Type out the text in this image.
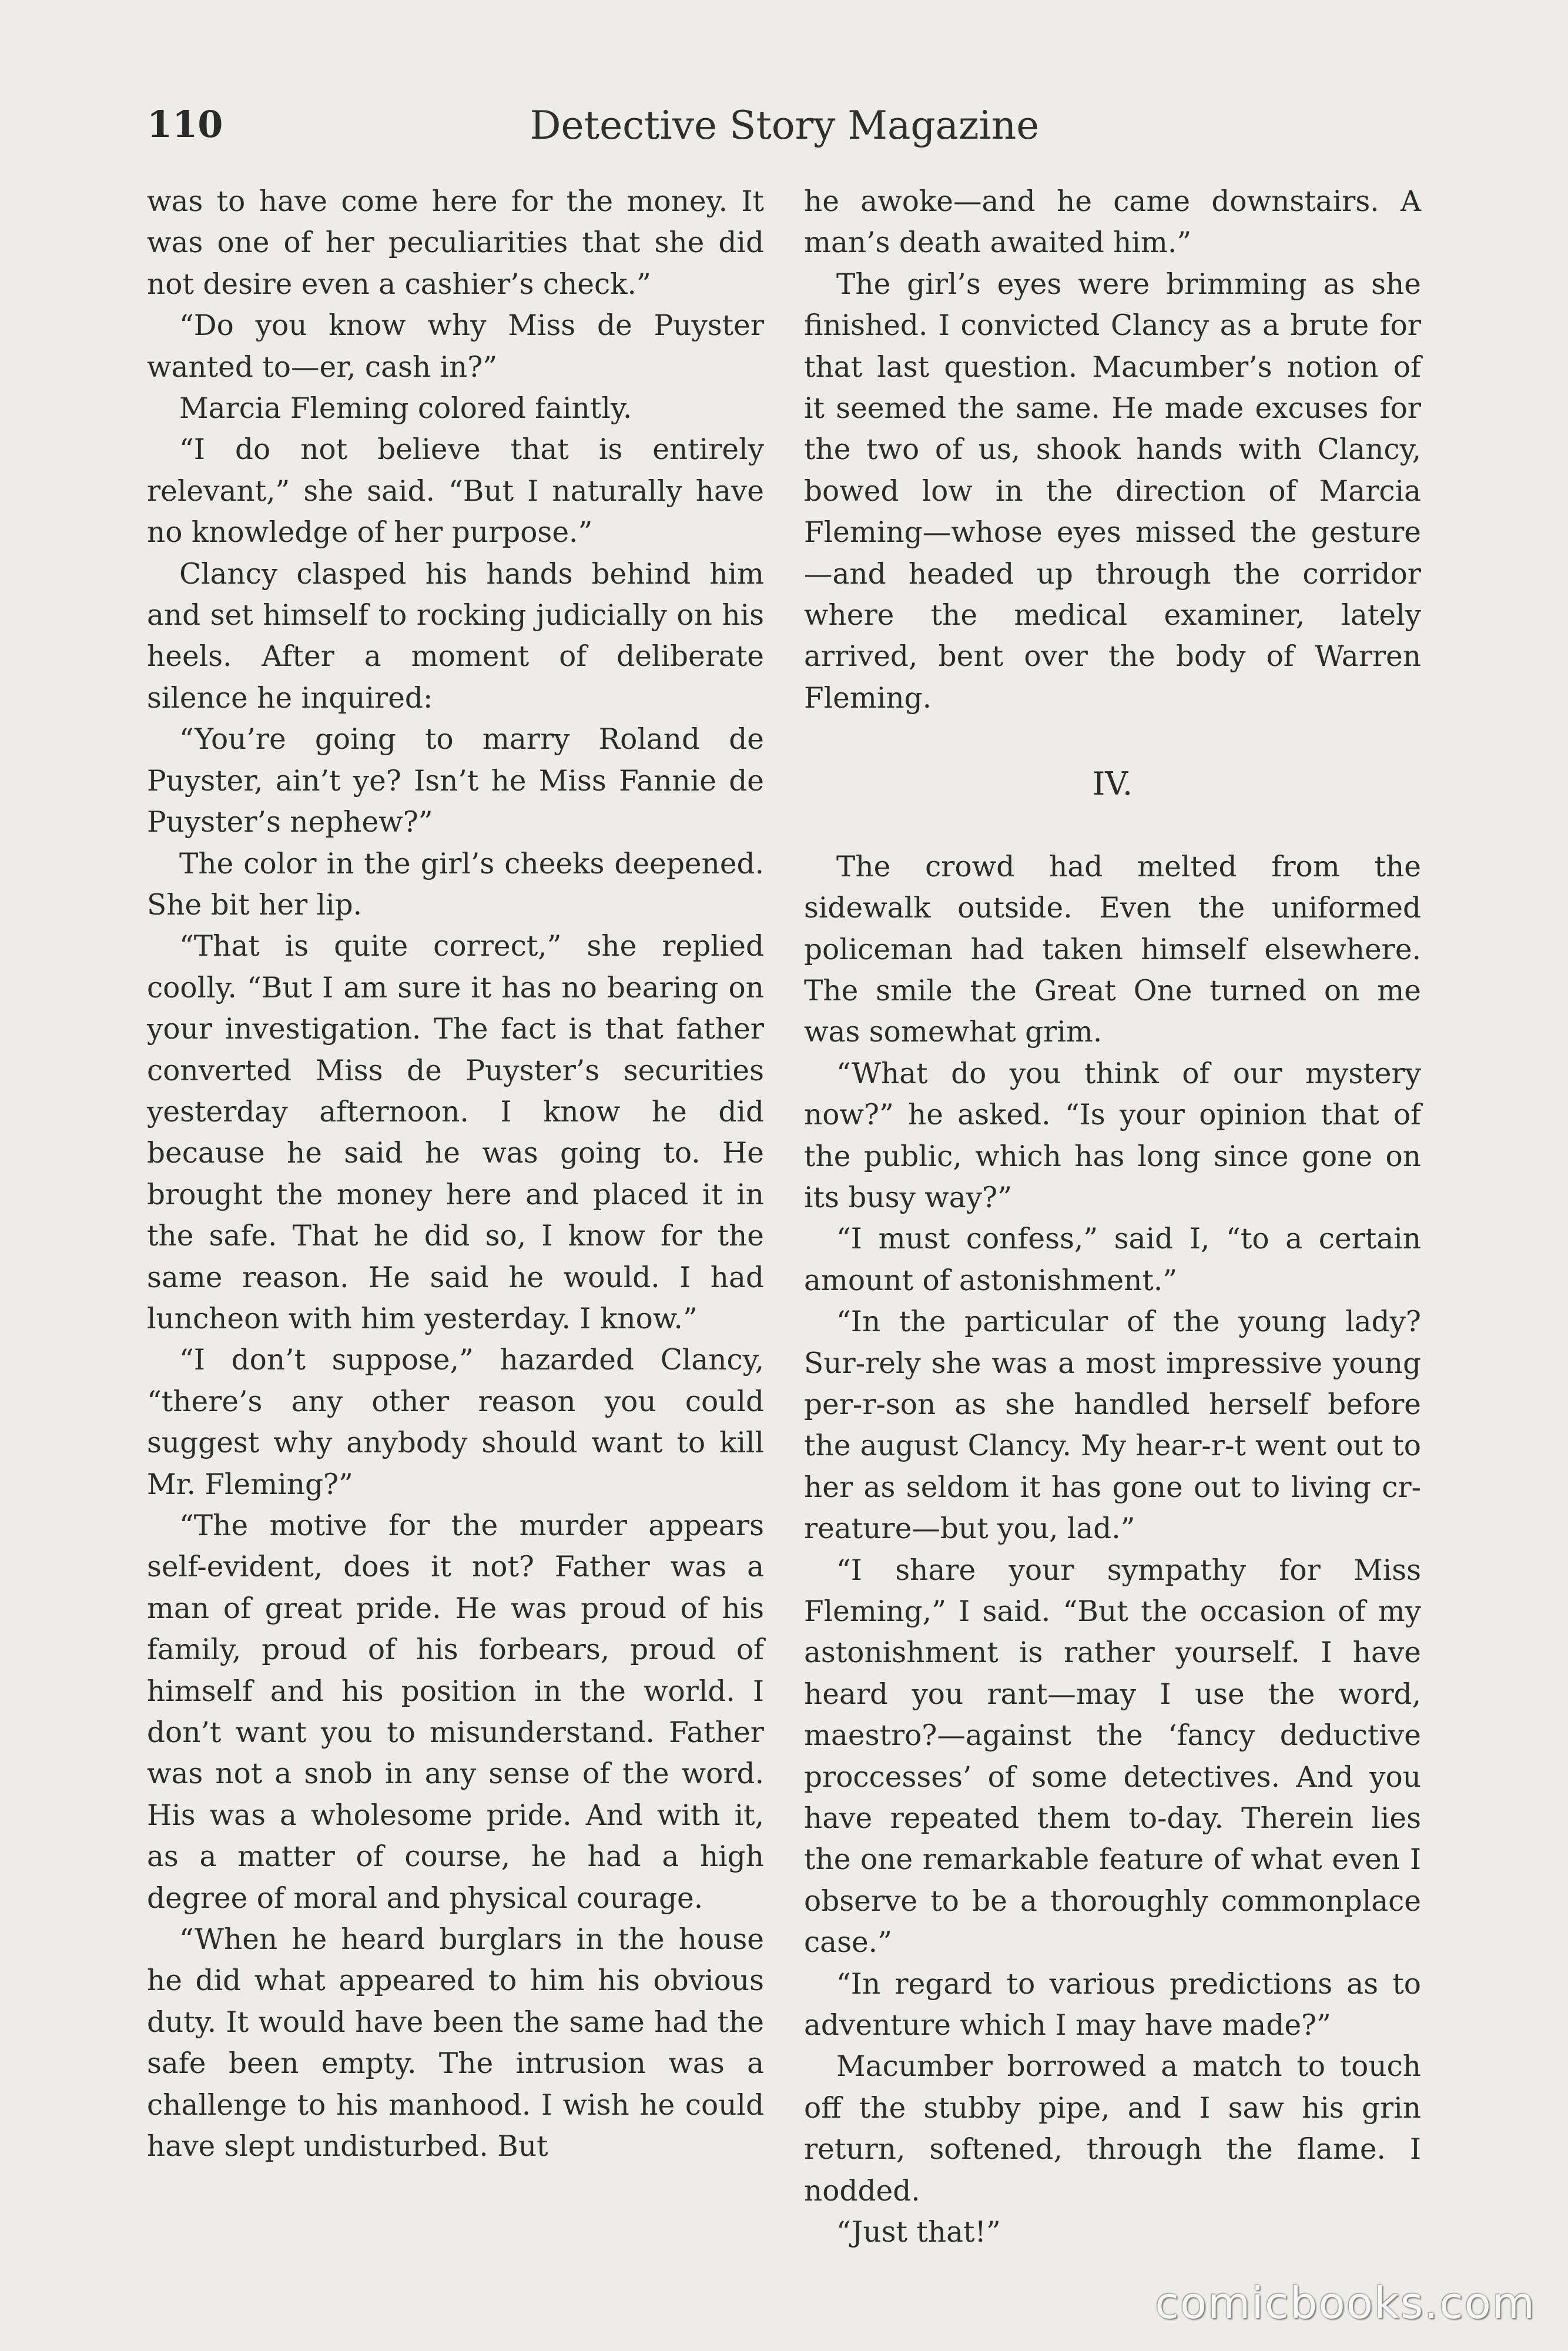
110	Detective Story Magazine

was to have come here for the money. It was one of her peculiarities that she did not desire even a cashier’s check.”

“Do you know why Miss de Puyster wanted to—er, cash in?”

Marcia Fleming colored faintly.

“I do not believe that is entirely relevant,” she said. “But I naturally have no knowledge of her purpose.”

Clancy clasped his hands behind him and set himself to rocking judicially on his heels. After a moment of deliberate silence he inquired:

“You’re going to marry Roland de Puyster, ain’t ye? Isn’t he Miss Fannie de Puyster’s nephew?”

The color in the girl’s cheeks deepened. She bit her lip.

“That is quite correct,” she replied coolly. “But I am sure it has no bearing on your investigation. The fact is that father converted Miss de Puyster’s securities yesterday afternoon. I know he did because he said he was going to. He brought the money here and placed it in the safe. That he did so, I know for the same reason. He said he would. I had luncheon with him yesterday. I know.”

“I don’t suppose,” hazarded Clancy, “there’s any other reason you could suggest why anybody should want to kill Mr. Fleming?”

“The motive for the murder appears self-evident, does it not? Father was a man of great pride. He was proud of his family, proud of his forbears, proud of himself and his position in the world. I don’t want you to misunderstand. Father was not a snob in any sense of the word. His was a wholesome pride. And with it, as a matter of course, he had a high degree of moral and physical courage.

“When he heard burglars in the house he did what appeared to him his obvious duty. It would have been the same had the safe been empty. The intrusion was a challenge to his manhood. I wish he could have slept undisturbed. But

he awoke—and he came downstairs. A man’s death awaited him.”

The girl’s eyes were brimming as she finished. I convicted Clancy as a brute for that last question. Macumber’s notion of it seemed the same. He made excuses for the two of us, shook hands with Clancy, bowed low in the direction of Marcia Fleming—whose eyes missed the gesture—and headed up through the corridor where the medical examiner, lately arrived, bent over the body of Warren Fleming.

IV.

The crowd had melted from the sidewalk outside. Even the uniformed policeman had taken himself elsewhere. The smile the Great One turned on me was somewhat grim.

“What do you think of our mystery now?” he asked. “Is your opinion that of the public, which has long since gone on its busy way?”

“I must confess,” said I, “to a certain amount of astonishment.”

“In the particular of the young lady? Sur-rely she was a most impressive young per-r-son as she handled herself before the august Clancy. My hear-r-t went out to her as seldom it has gone out to living cr-reature—but you, lad.”

“I share your sympathy for Miss Fleming,” I said. “But the occasion of my astonishment is rather yourself. I have heard you rant—may I use the word, maestro?—against the ‘fancy deductive proccesses’ of some detectives. And you have repeated them to-day. Therein lies the one remarkable feature of what even I observe to be a thoroughly commonplace case.”

“In regard to various predictions as to adventure which I may have made?”

Macumber borrowed a match to touch off the stubby pipe, and I saw his grin return, softened, through the flame. I nodded.

“Just that!”

comicbooks.com
